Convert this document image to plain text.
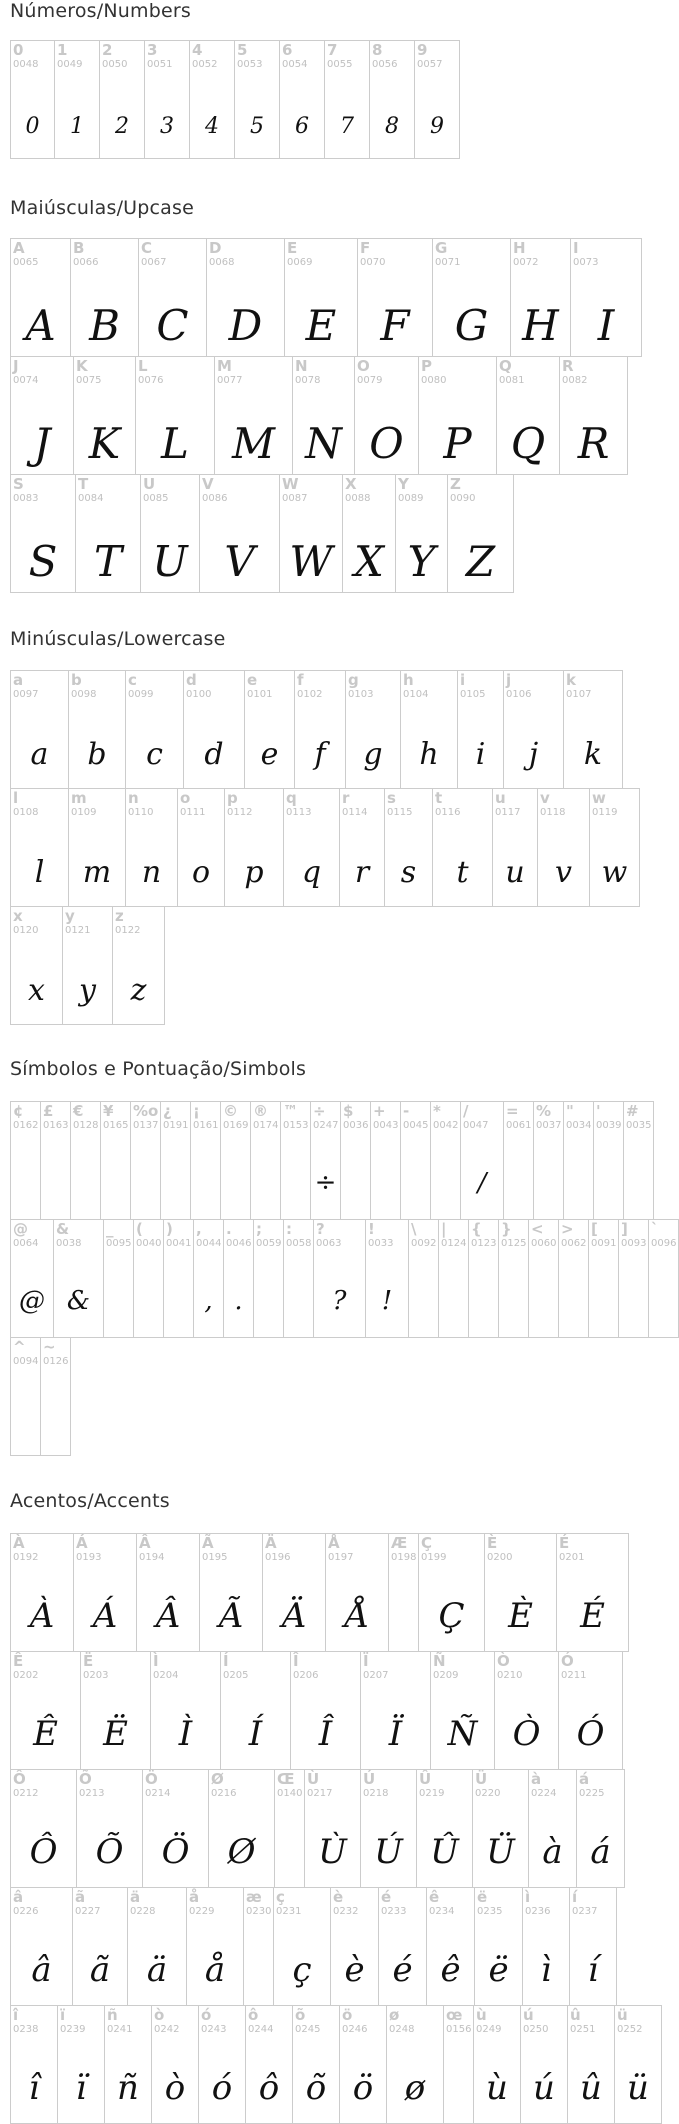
Números/Numbers
0
0048
0
1
0049
1
2
0050
2
3
0051
3
4
0052
4
5
0053
5
6
0054
6
7
0055
7
8
0056
8
9
0057
9
Maiúsculas/Upcase
A
0065
A
B
0066
B
C
0067
C
D
0068
D
E
0069
E
F
0070
F
G
0071
G
H
0072
H
I
0073
I
J
0074
J
K
0075
K
L
0076
L
M
0077
M
N
0078
N
O
0079
O
P
0080
P
Q
0081
Q
R
0082
R
S
0083
S
T
0084
T
U
0085
U
V
0086
V
W
0087
W
X
0088
X
Y
0089
Y
Z
0090
Z
Minúsculas/Lowercase
a
0097
a
b
0098
b
c
0099
c
d
0100
d
e
0101
e
f
0102
f
g
0103
g
h
0104
h
i
0105
i
j
0106
j
k
0107
k
l
0108
l
m
0109
m
n
0110
n
o
0111
o
p
0112
p
q
0113
q
r
0114
r
s
0115
s
t
0116
t
u
0117
u
v
0118
v
w
0119
w
x
0120
x
y
0121
y
z
0122
z
Símbolos e Pontuação/Simbols
¢
0162
£
0163
€
0128
¥
0165
%o
0137
¿
0191
¡
0161
©
0169
®
0174
™
0153
÷
0247
÷
$
0036
+
0043
-
0045
*
0042
/
0047
/
=
0061
%
0037
"
0034
'
0039
#
0035
@
0064
@
&
0038
&
_
0095
(
0040
)
0041
,
0044
,
.
0046
.
;
0059
:
0058
?
0063
?
!
0033
!
\
0092
|
0124
{
0123
}
0125
<
0060
>
0062
[
0091
]
0093
`
0096
^
0094
~
0126
Acentos/Accents
À
0192
À
Á
0193
Á
Â
0194
Â
Ã
0195
Ã
Ä
0196
Ä
Å
0197
Å
Æ
0198
Ç
0199
Ç
È
0200
È
É
0201
É
Ê
0202
Ê
Ë
0203
Ë
Ì
0204
Ì
Í
0205
Í
Î
0206
Î
Ï
0207
Ï
Ñ
0209
Ñ
Ò
0210
Ò
Ó
0211
Ó
Ô
0212
Ô
Õ
0213
Õ
Ö
0214
Ö
Ø
0216
Ø
Œ
0140
Ù
0217
Ù
Ú
0218
Ú
Û
0219
Û
Ü
0220
Ü
à
0224
à
á
0225
á
â
0226
â
ã
0227
ã
ä
0228
ä
å
0229
å
æ
0230
ç
0231
ç
è
0232
è
é
0233
é
ê
0234
ê
ë
0235
ë
ì
0236
ì
í
0237
í
î
0238
î
ï
0239
ï
ñ
0241
ñ
ò
0242
ò
ó
0243
ó
ô
0244
ô
õ
0245
õ
ö
0246
ö
ø
0248
ø
œ
0156
ù
0249
ù
ú
0250
ú
û
0251
û
ü
0252
ü
